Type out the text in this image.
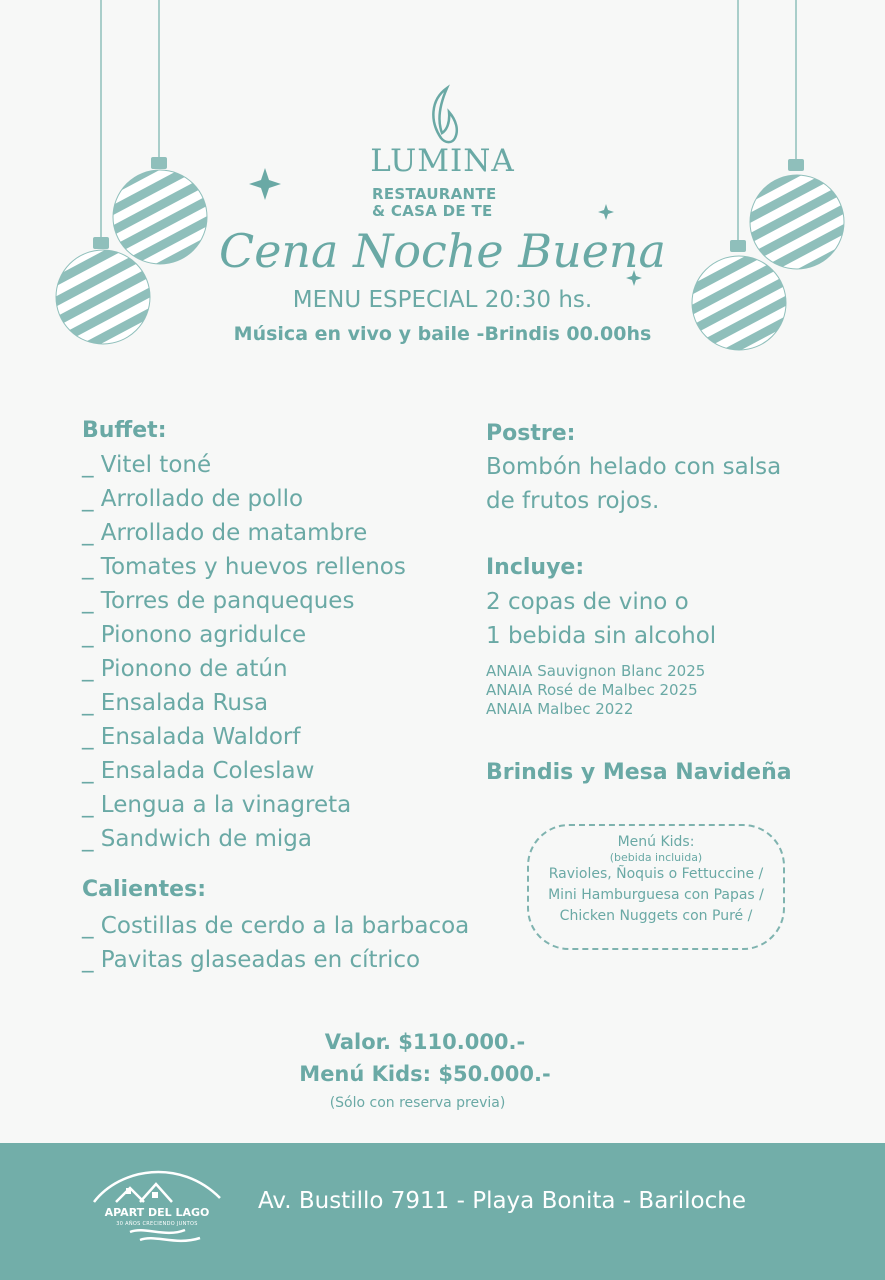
LUMINA
RESTAURANTE
& CASA DE TE
Cena Noche Buena
MENU ESPECIAL 20:30 hs.
Música en vivo y baile -Brindis 00.00hs
Buffet:
_ Vitel toné
_ Arrollado de pollo
_ Arrollado de matambre
_ Tomates y huevos rellenos
_ Torres de panqueques
_ Pionono agridulce
_ Pionono de atún
_ Ensalada Rusa
_ Ensalada Waldorf
_ Ensalada Coleslaw
_ Lengua a la vinagreta
_ Sandwich de miga
Calientes:
_ Costillas de cerdo a la barbacoa
_ Pavitas glaseadas en cítrico
Postre:
Bombón helado con salsa
de frutos rojos.
Incluye:
2 copas de vino o
1 bebida sin alcohol
ANAIA Sauvignon Blanc 2025
ANAIA Rosé de Malbec 2025
ANAIA Malbec 2022
Brindis y Mesa Navideña
Menú Kids:
(bebida incluida)
Ravioles, Ñoquis o Fettuccine /
Mini Hamburguesa con Papas /
Chicken Nuggets con Puré /
Valor. $110.000.-
Menú Kids: $50.000.-
(Sólo con reserva previa)
APART DEL LAGO
30 AÑOS CRECIENDO JUNTOS
Av. Bustillo 7911 - Playa Bonita - Bariloche
